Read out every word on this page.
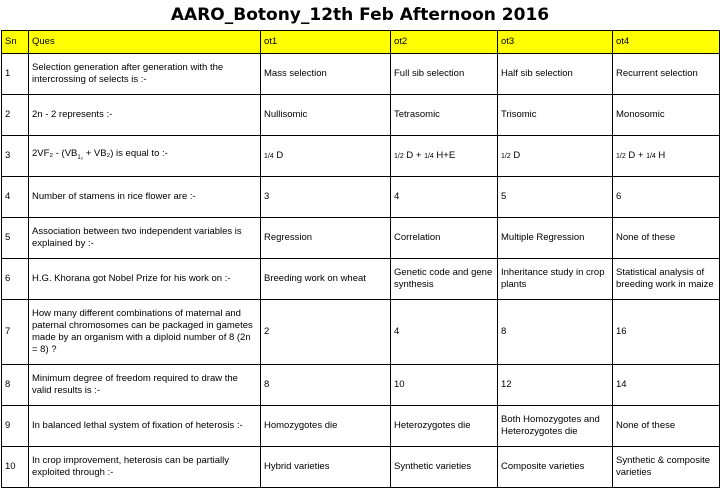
AARO_Botony_12th Feb Afternoon 2016
Sn	Ques	ot1	ot2	ot3	ot4
1	Selection generation after generation with the intercrossing of selects is :-	Mass selection	Full sib selection	Half sib selection	Recurrent selection
2	2n - 2 represents :-	Nullisomic	Tetrasomic	Trisomic	Monosomic
3	$2VF_2 - (VB_{1_2} + VB_2)$ is equal to :-	1/4 D	1/2 D + 1/4 H+E	1/2 D	1/2 D + 1/4 H
4	Number of stamens in rice flower are :-	3	4	5	6
5	Association between two independent variables is explained by :-	Regression	Correlation	Multiple Regression	None of these
6	H.G. Khorana got Nobel Prize for his work on :-	Breeding work on wheat	Genetic code and gene synthesis	Inheritance study in crop plants	Statistical analysis of breeding work in maize
7	How many different combinations of maternal and paternal chromosomes can be packaged in gametes made by an organism with a diploid number of 8 (2n = 8) ?	2	4	8	16
8	Minimum degree of freedom required to draw the valid results is :-	8	10	12	14
9	In balanced lethal system of fixation of heterosis :-	Homozygotes die	Heterozygotes die	Both Homozygotes and Heterozygotes die	None of these
10	In crop improvement, heterosis can be partially exploited through :-	Hybrid varieties	Synthetic varieties	Composite varieties	Synthetic & composite varieties
